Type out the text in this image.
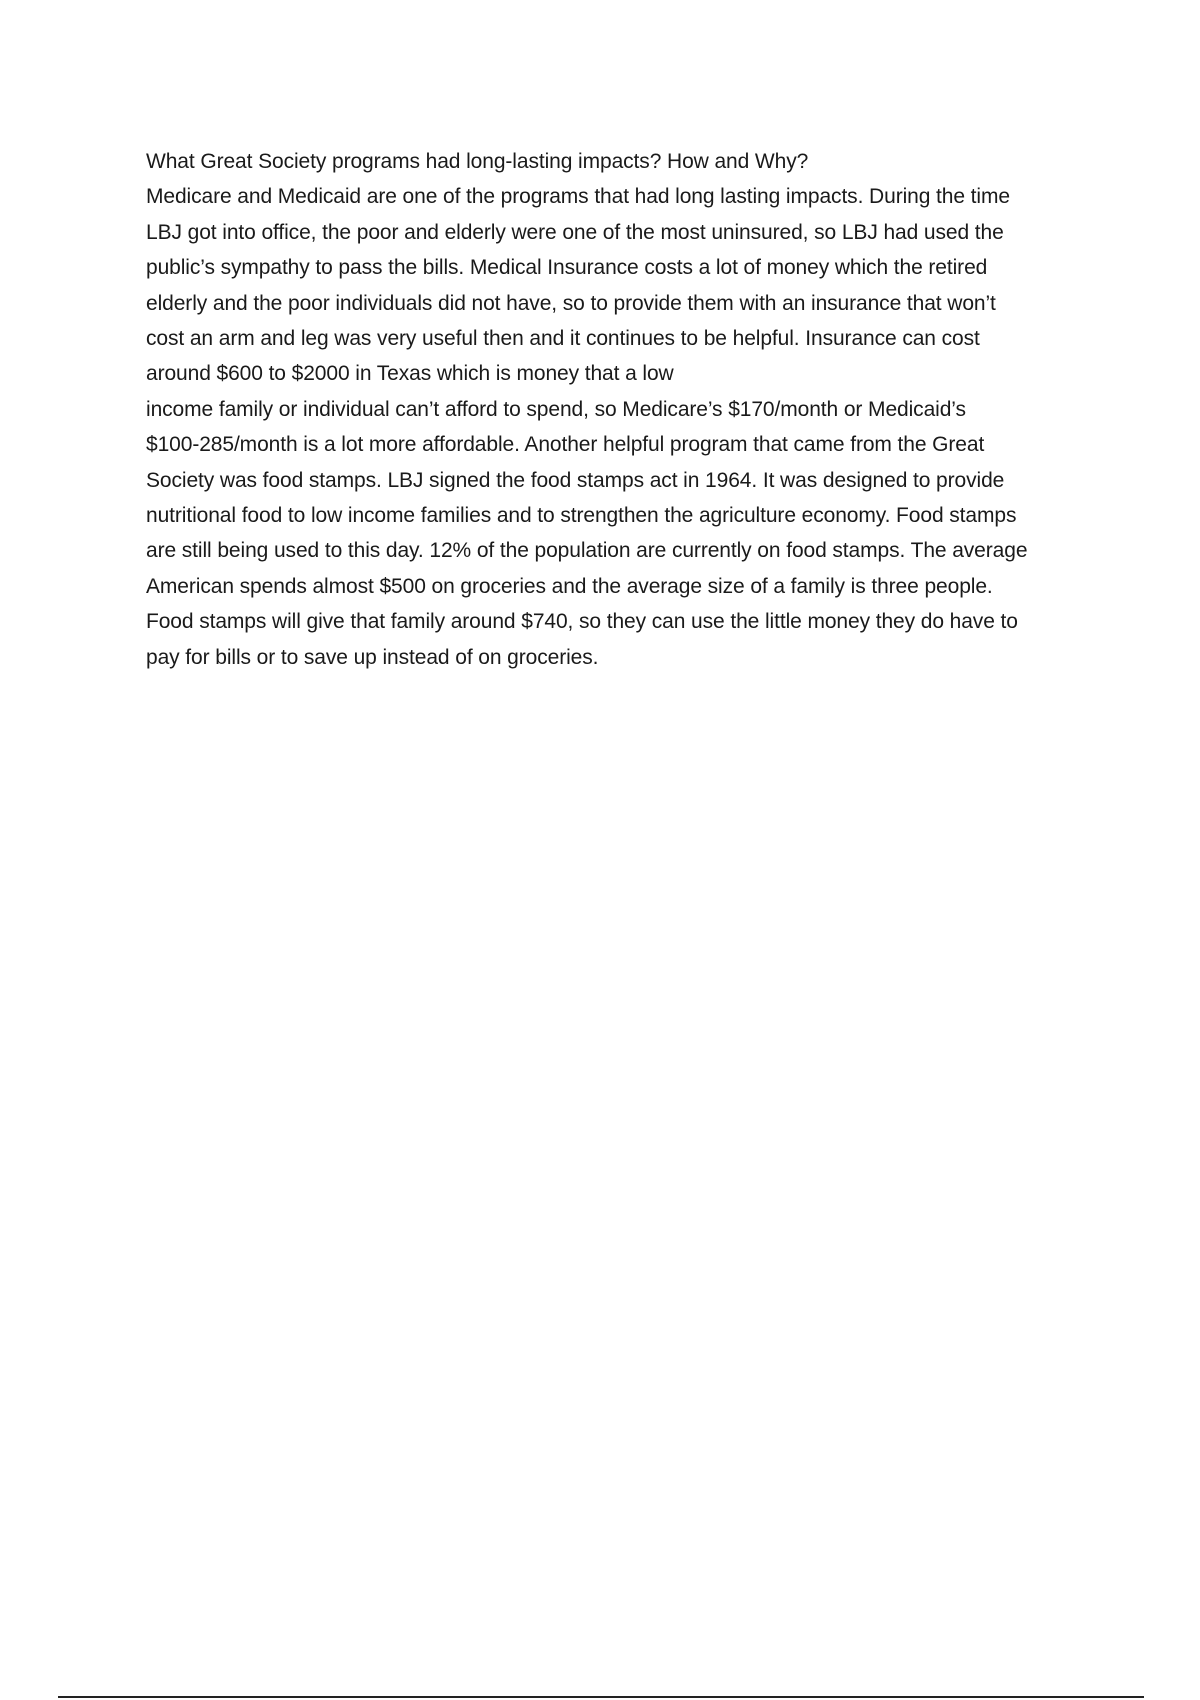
What Great Society programs had long-lasting impacts? How and Why?
Medicare and Medicaid are one of the programs that had long lasting impacts. During the time
LBJ got into office, the poor and elderly were one of the most uninsured, so LBJ had used the
public’s sympathy to pass the bills. Medical Insurance costs a lot of money which the retired
elderly and the poor individuals did not have, so to provide them with an insurance that won’t
cost an arm and leg was very useful then and it continues to be helpful. Insurance can cost
around $600 to $2000 in Texas which is money that a low
income family or individual can’t afford to spend, so Medicare’s $170/month or Medicaid’s
$100-285/month is a lot more affordable. Another helpful program that came from the Great
Society was food stamps. LBJ signed the food stamps act in 1964. It was designed to provide
nutritional food to low income families and to strengthen the agriculture economy. Food stamps
are still being used to this day. 12% of the population are currently on food stamps. The average
American spends almost $500 on groceries and the average size of a family is three people.
Food stamps will give that family around $740, so they can use the little money they do have to
pay for bills or to save up instead of on groceries.
